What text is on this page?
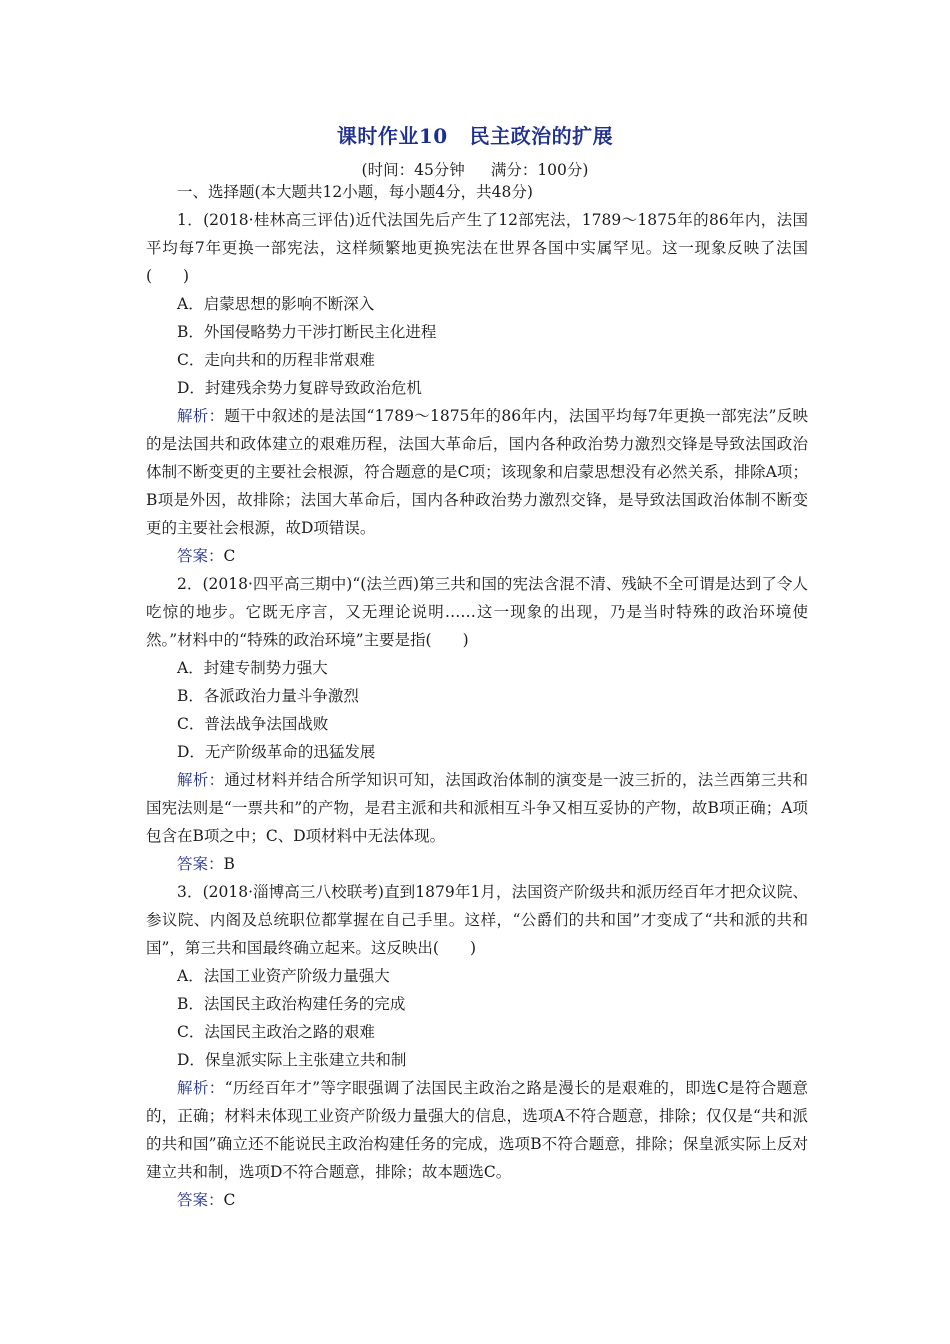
课时作业10 民主政治的扩展
(时间：45分钟 满分：100分)

一、选择题(本大题共12小题，每小题4分，共48分)

1．(2018·桂林高三评估)近代法国先后产生了12部宪法，1789～1875年的86年内，法国平均每7年更换一部宪法，这样频繁地更换宪法在世界各国中实属罕见。这一现象反映了法国(　　)

A．启蒙思想的影响不断深入

B．外国侵略势力干涉打断民主化进程

C．走向共和的历程非常艰难

D．封建残余势力复辟导致政治危机

解析：题干中叙述的是法国“1789～1875年的86年内，法国平均每7年更换一部宪法”反映的是法国共和政体建立的艰难历程，法国大革命后，国内各种政治势力激烈交锋是导致法国政治体制不断变更的主要社会根源，符合题意的是C项；该现象和启蒙思想没有必然关系，排除A项；B项是外因，故排除；法国大革命后，国内各种政治势力激烈交锋，是导致法国政治体制不断变更的主要社会根源，故D项错误。

答案：C

2．(2018·四平高三期中)“(法兰西)第三共和国的宪法含混不清、残缺不全可谓是达到了令人吃惊的地步。它既无序言，又无理论说明……这一现象的出现，乃是当时特殊的政治环境使然。”材料中的“特殊的政治环境”主要是指(　　)

A．封建专制势力强大

B．各派政治力量斗争激烈

C．普法战争法国战败

D．无产阶级革命的迅猛发展

解析：通过材料并结合所学知识可知，法国政治体制的演变是一波三折的，法兰西第三共和国宪法则是“一票共和”的产物，是君主派和共和派相互斗争又相互妥协的产物，故B项正确；A项包含在B项之中；C、D项材料中无法体现。

答案：B

3．(2018·淄博高三八校联考)直到1879年1月，法国资产阶级共和派历经百年才把众议院、参议院、内阁及总统职位都掌握在自己手里。这样，“公爵们的共和国”才变成了“共和派的共和国”，第三共和国最终确立起来。这反映出(　　)

A．法国工业资产阶级力量强大

B．法国民主政治构建任务的完成

C．法国民主政治之路的艰难

D．保皇派实际上主张建立共和制

解析：“历经百年才”等字眼强调了法国民主政治之路是漫长的是艰难的，即选C是符合题意的，正确；材料未体现工业资产阶级力量强大的信息，选项A不符合题意，排除；仅仅是“共和派的共和国”确立还不能说民主政治构建任务的完成，选项B不符合题意，排除；保皇派实际上反对建立共和制，选项D不符合题意，排除；故本题选C。

答案：C
